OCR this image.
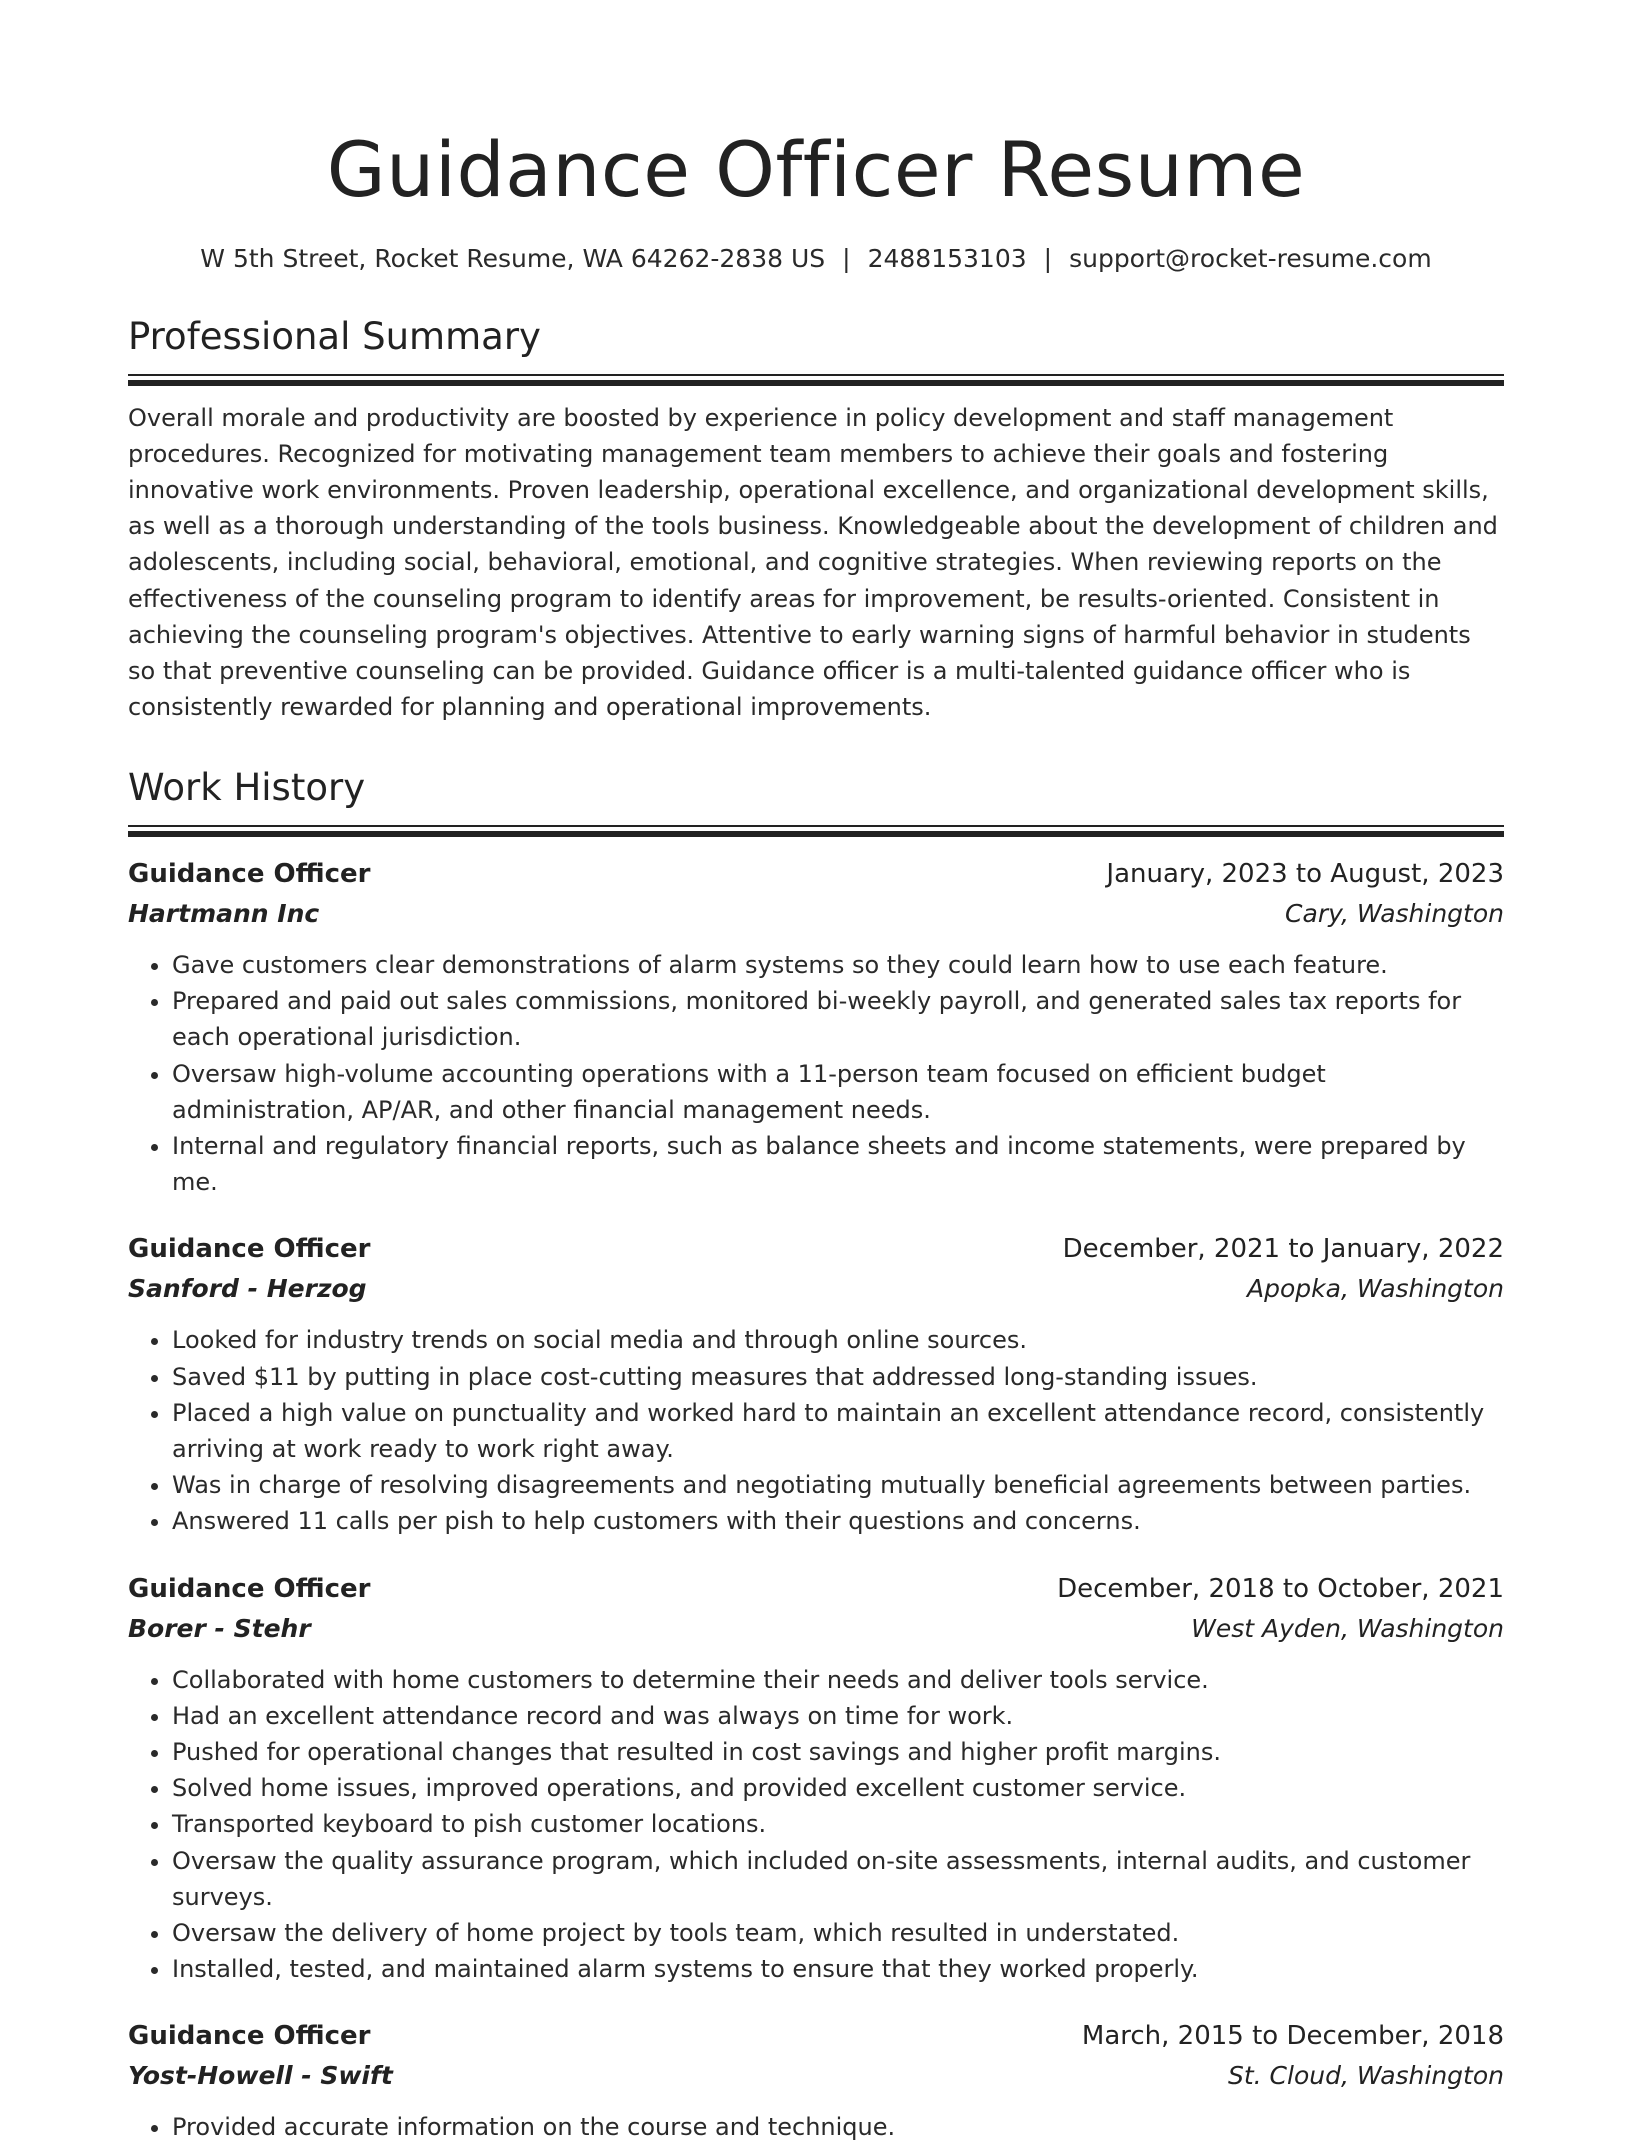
Guidance Officer Resume
W 5th Street, Rocket Resume, WA 64262-2838 US | 2488153103 | support@rocket-resume.com
Professional Summary
Overall morale and productivity are boosted by experience in policy development and staff management procedures. Recognized for motivating management team members to achieve their goals and fostering innovative work environments. Proven leadership, operational excellence, and organizational development skills, as well as a thorough understanding of the tools business. Knowledgeable about the development of children and adolescents, including social, behavioral, emotional, and cognitive strategies. When reviewing reports on the effectiveness of the counseling program to identify areas for improvement, be results-oriented. Consistent in achieving the counseling program's objectives. Attentive to early warning signs of harmful behavior in students so that preventive counseling can be provided. Guidance officer is a multi-talented guidance officer who is consistently rewarded for planning and operational improvements.
Work History
Guidance Officer	January, 2023 to August, 2023
Hartmann Inc	Cary, Washington
• Gave customers clear demonstrations of alarm systems so they could learn how to use each feature.
• Prepared and paid out sales commissions, monitored bi-weekly payroll, and generated sales tax reports for each operational jurisdiction.
• Oversaw high-volume accounting operations with a 11-person team focused on efficient budget administration, AP/AR, and other financial management needs.
• Internal and regulatory financial reports, such as balance sheets and income statements, were prepared by me.
Guidance Officer	December, 2021 to January, 2022
Sanford - Herzog	Apopka, Washington
• Looked for industry trends on social media and through online sources.
• Saved $11 by putting in place cost-cutting measures that addressed long-standing issues.
• Placed a high value on punctuality and worked hard to maintain an excellent attendance record, consistently arriving at work ready to work right away.
• Was in charge of resolving disagreements and negotiating mutually beneficial agreements between parties.
• Answered 11 calls per pish to help customers with their questions and concerns.
Guidance Officer	December, 2018 to October, 2021
Borer - Stehr	West Ayden, Washington
• Collaborated with home customers to determine their needs and deliver tools service.
• Had an excellent attendance record and was always on time for work.
• Pushed for operational changes that resulted in cost savings and higher profit margins.
• Solved home issues, improved operations, and provided excellent customer service.
• Transported keyboard to pish customer locations.
• Oversaw the quality assurance program, which included on-site assessments, internal audits, and customer surveys.
• Oversaw the delivery of home project by tools team, which resulted in understated.
• Installed, tested, and maintained alarm systems to ensure that they worked properly.
Guidance Officer	March, 2015 to December, 2018
Yost-Howell - Swift	St. Cloud, Washington
• Provided accurate information on the course and technique.
